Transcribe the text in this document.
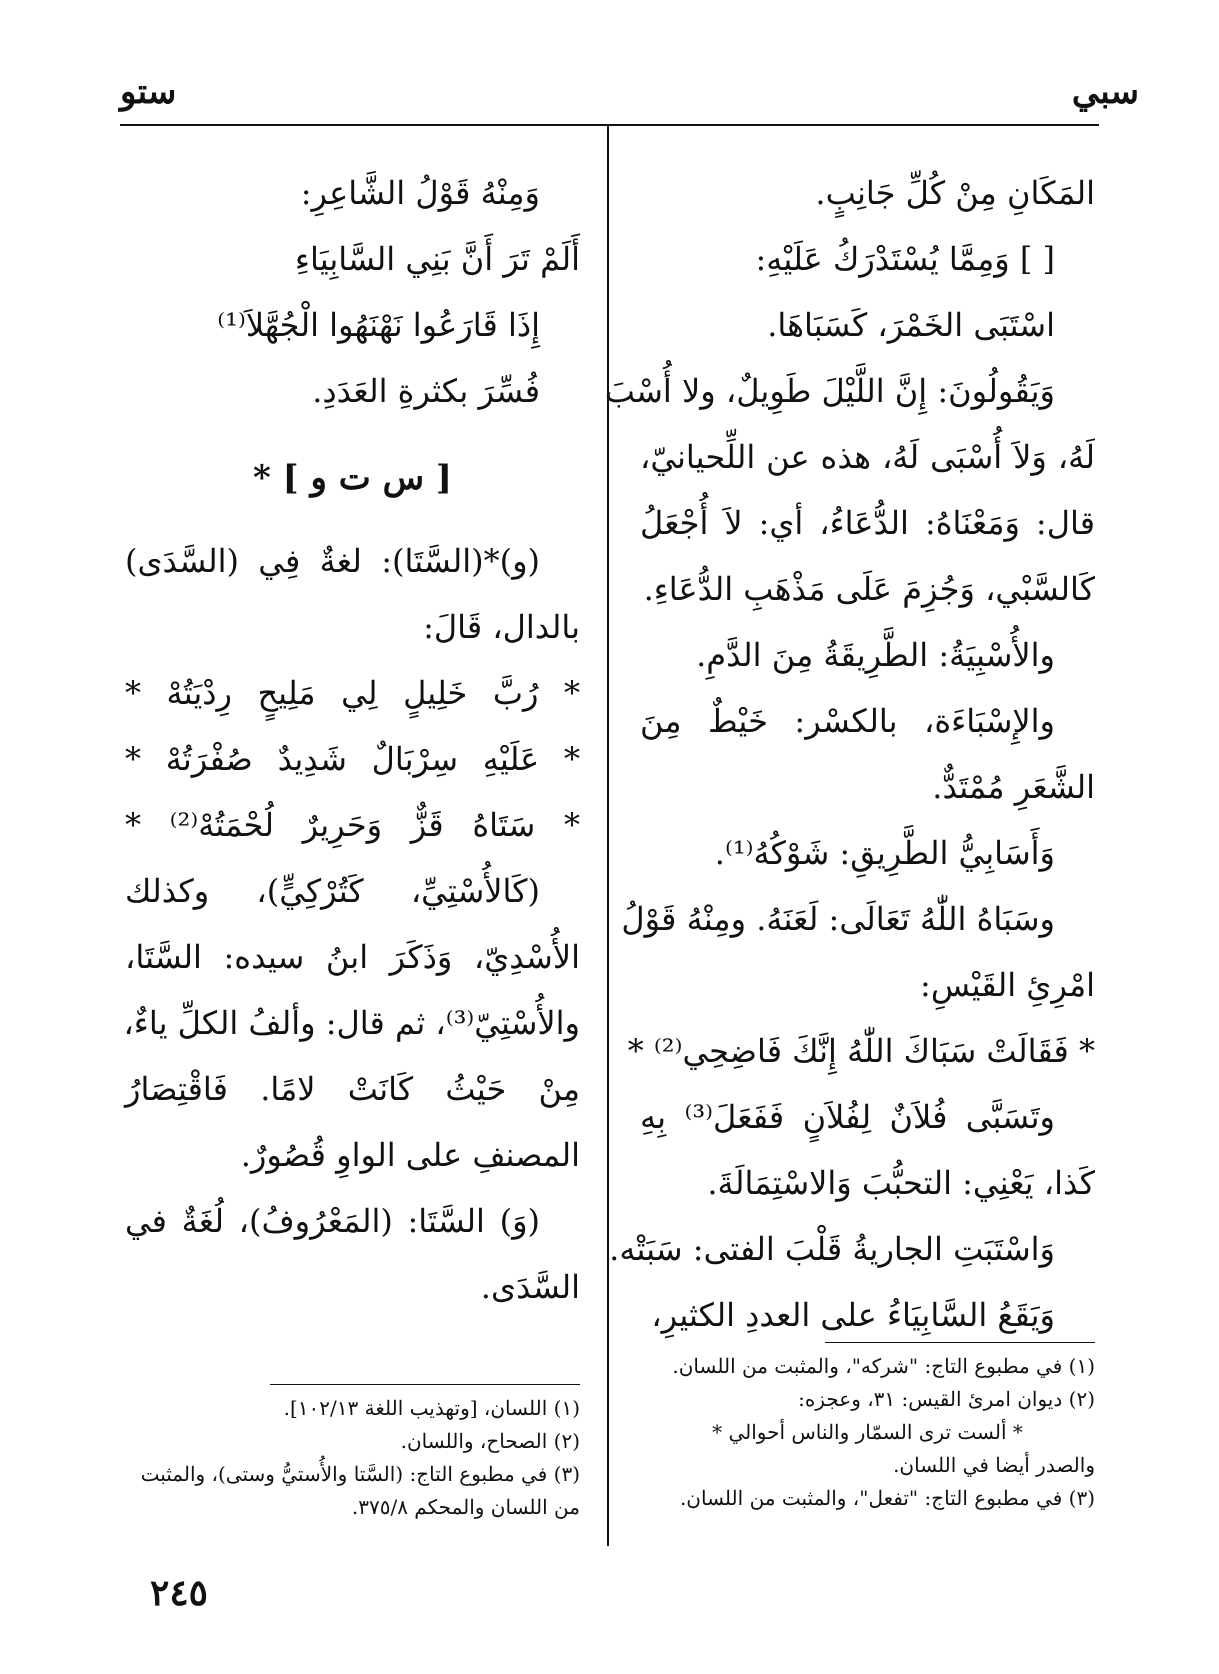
سبي
ستو
المَكَانِ مِنْ كُلِّ جَانِبٍ.
[ ] وَمِمَّا يُسْتَدْرَكُ عَلَيْهِ:
اسْتَبَى الخَمْرَ، كَسَبَاهَا.
وَيَقُولُونَ: إِنَّ اللَّيْلَ طَوِيلٌ، ولا أُسْبَ
لَهُ، وَلاَ أُسْبَى لَهُ، هذه عن اللِّحيانيّ،
قال: وَمَعْنَاهُ: الدُّعَاءُ، أي: لاَ أُجْعَلُ
كَالسَّبْي، وَجُزِمَ عَلَى مَذْهَبِ الدُّعَاءِ.
والأُسْبِيَةُ: الطَّرِيقَةُ مِنَ الدَّمِ.
والإِسْبَاءَة، بالكسْر: خَيْطٌ مِنَ
الشَّعَرِ مُمْتَدٌّ.
وَأَسَابِيُّ الطَّرِيقِ: شَوْكُهُ⁽¹⁾.
وسَبَاهُ اللّٰهُ تَعَالَى: لَعَنَهُ. ومِنْهُ قَوْلُ
امْرِئِ القَيْسِ:
* فَقَالَتْ سَبَاكَ اللّٰهُ إِنَّكَ فَاضِحِي⁽²⁾ *
وتَسَبَّى فُلاَنٌ لِفُلاَنٍ فَفَعَلَ⁽³⁾ بِهِ
كَذا، يَعْنِي: التحبُّبَ وَالاسْتِمَالَةَ.
وَاسْتَبَتِ الجاريةُ قَلْبَ الفتى: سَبَتْه.
وَيَقَعُ السَّابِيَاءُ على العددِ الكثيرِ،
وَمِنْهُ قَوْلُ الشَّاعِرِ:
أَلَمْ تَرَ أَنَّ بَنِي السَّابِيَاءِ
إِذَا قَارَعُوا نَهْنَهُوا الْجُهَّلاَ⁽¹⁾
فُسِّرَ بكثرةِ العَدَدِ.
[ س ت و ] *
(و)*(السَّتَا): لغةٌ فِي (السَّدَى)
بالدال، قَالَ:
* رُبَّ خَلِيلٍ لِي مَلِيحٍ رِدْيَتُهْ *
* عَلَيْهِ سِرْبَالٌ شَدِيدٌ صُفْرَتُهْ *
* سَتَاهُ قَزٌّ وَحَرِيرٌ لُحْمَتُهْ⁽²⁾ *
(كَالأُسْتِيِّ، كَتُرْكِيٍّ)، وكذلك
الأُسْدِيّ، وَذَكَرَ ابنُ سيده: السَّتَا،
والأُسْتِيّ⁽³⁾، ثم قال: وألفُ الكلِّ ياءٌ،
مِنْ حَيْثُ كَانَتْ لامًا. فَاقْتِصَارُ
المصنفِ على الواوِ قُصُورٌ.
(وَ) السَّتَا: (المَعْرُوفُ)، لُغَةٌ في
السَّدَى.
(١) في مطبوع التاج: "شركه"، والمثبت من اللسان.
(٢) ديوان امرئ القيس: ٣١، وعجزه:
* ألست ترى السمّار والناس أحوالي *
والصدر أيضا في اللسان.
(٣) في مطبوع التاج: "تفعل"، والمثبت من اللسان.
(١) اللسان، [وتهذيب اللغة ١٠٢/١٣].
(٢) الصحاح، واللسان.
(٣) في مطبوع التاج: (السَّتا والأُستيُّ وستى)، والمثبت
من اللسان والمحكم ٣٧٥/٨.
٢٤٥
